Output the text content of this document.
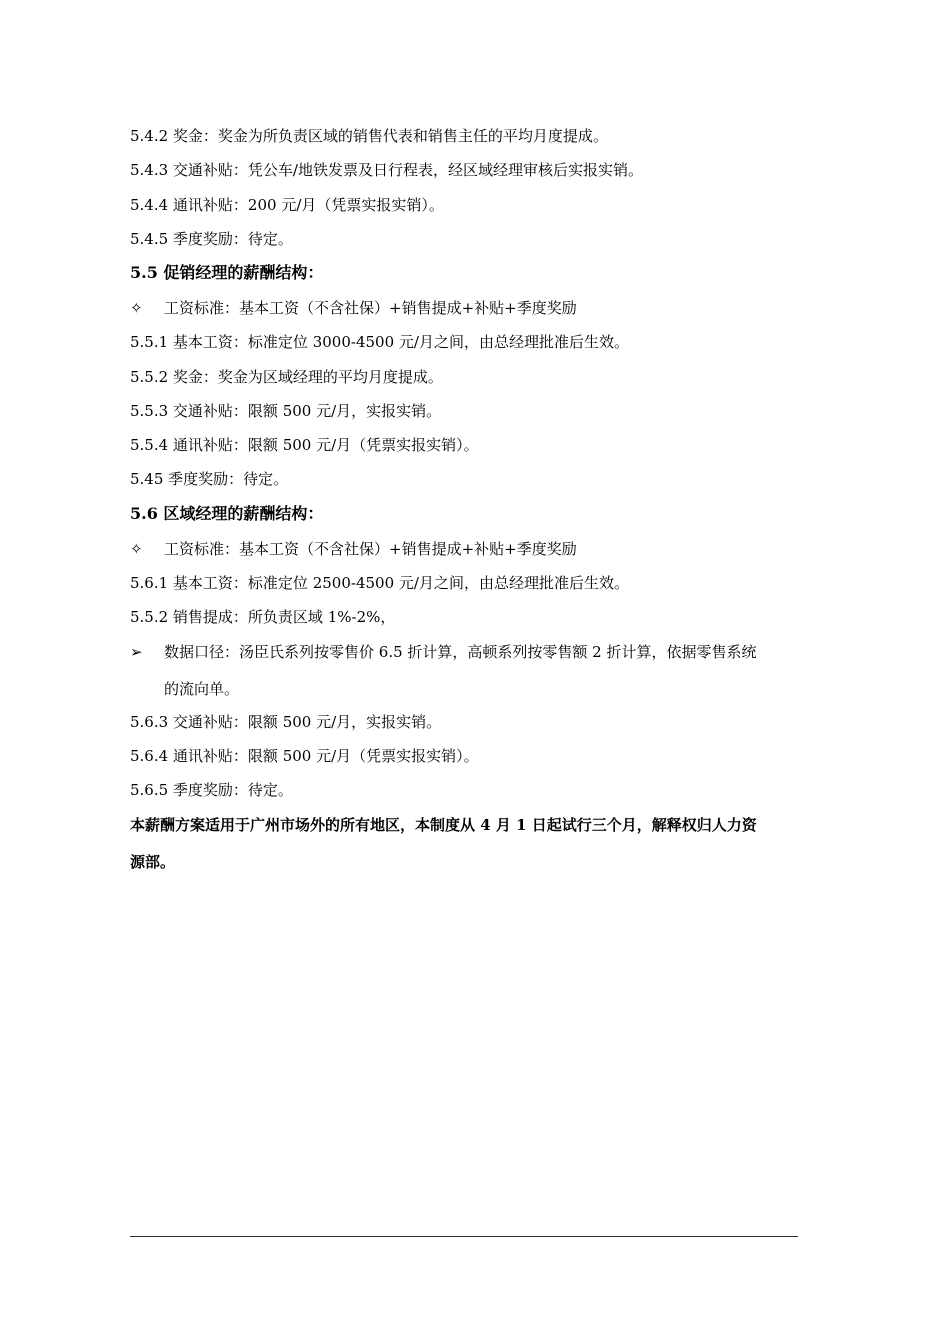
5.4.2 奖金：奖金为所负责区域的销售代表和销售主任的平均月度提成。
5.4.3 交通补贴：凭公车/地铁发票及日行程表，经区域经理审核后实报实销。
5.4.4 通讯补贴：200 元/月（凭票实报实销）。
5.4.5 季度奖励：待定。
5.5 促销经理的薪酬结构：
✧ 工资标准：基本工资（不含社保）+销售提成+补贴+季度奖励
5.5.1 基本工资：标准定位 3000-4500 元/月之间，由总经理批准后生效。
5.5.2 奖金：奖金为区域经理的平均月度提成。
5.5.3 交通补贴：限额 500 元/月，实报实销。
5.5.4 通讯补贴：限额 500 元/月（凭票实报实销）。
5.45 季度奖励：待定。
5.6 区域经理的薪酬结构：
✧ 工资标准：基本工资（不含社保）+销售提成+补贴+季度奖励
5.6.1 基本工资：标准定位 2500-4500 元/月之间，由总经理批准后生效。
5.5.2 销售提成：所负责区域 1%-2%，
➢ 数据口径：汤臣氏系列按零售价 6.5 折计算，高顿系列按零售额 2 折计算，依据零售系统
的流向单。
5.6.3 交通补贴：限额 500 元/月，实报实销。
5.6.4 通讯补贴：限额 500 元/月（凭票实报实销）。
5.6.5 季度奖励：待定。
本薪酬方案适用于广州市场外的所有地区，本制度从 4 月 1 日起试行三个月，解释权归人力资
源部。
